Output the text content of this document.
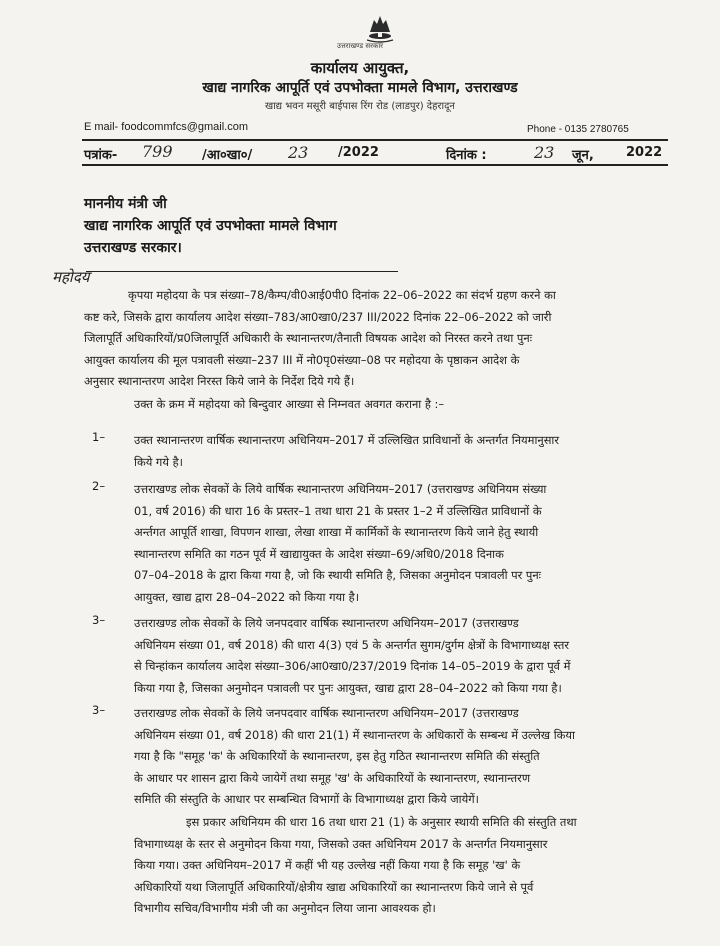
उत्तराखण्ड सरकार
कार्यालय आयुक्त,
खाद्य नागरिक आपूर्ति एवं उपभोक्ता मामले विभाग, उत्तराखण्ड
खाद्य भवन मसूरी बाईपास रिंग रोड (लाडपुर) देहरादून
E mail- foodcommfcs@gmail.com	Phone - 0135 2780765
पत्रांक- 799 /आ०खा०/ 23 /2022	दिनांक :	23 जून, 2022
माननीय मंत्री जी
खाद्य नागरिक आपूर्ति एवं उपभोक्ता मामले विभाग
उत्तराखण्ड सरकार।
महोदय
कृपया महोदया के पत्र संख्या–78/कैम्प/वी0आई0पी0 दिनांक 22–06–2022 का संदर्भ ग्रहण करने का
कष्ट करे, जिसके द्वारा कार्यालय आदेश संख्या–783/आ0खा0/237 III/2022 दिनांक 22–06–2022 को जारी
जिलापूर्ति अधिकारियों/प्र0जिलापूर्ति अधिकारी के स्थानान्तरण/तैनाती विषयक आदेश को निरस्त करने तथा पुनः
आयुक्त कार्यालय की मूल पत्रावली संख्या–237 III में नो0पृ0संख्या–08 पर महोदया के पृष्ठाकन आदेश के
अनुसार स्थानान्तरण आदेश निरस्त किये जाने के निर्देश दिये गये हैं।
उक्त के क्रम में महोदया को बिन्दुवार आख्या से निम्नवत अवगत कराना है :–
1–	उक्त स्थानान्तरण वार्षिक स्थानान्तरण अधिनियम–2017 में उल्लिखित प्राविधानों के अन्तर्गत नियमानुसार
किये गये है।
2–	उत्तराखण्ड लोक सेवकों के लिये वार्षिक स्थानान्तरण अधिनियम–2017 (उत्तराखण्ड अधिनियम संख्या
01, वर्ष 2016) की धारा 16 के प्रस्तर–1 तथा धारा 21 के प्रस्तर 1–2 में उल्लिखित प्राविधानों के
अर्न्तगत आपूर्ति शाखा, विपणन शाखा, लेखा शाखा में कार्मिकों के स्थानान्तरण किये जाने हेतु स्थायी
स्थानान्तरण समिति का गठन पूर्व में खाद्यायुक्त के आदेश संख्या–69/अधि0/2018 दिनाक
07–04–2018 के द्वारा किया गया है, जो कि स्थायी समिति है, जिसका अनुमोदन पत्रावली पर पुनः
आयुक्त, खाद्य द्वारा 28–04–2022 को किया गया है।
3–	उत्तराखण्ड लोक सेवकों के लिये जनपदवार वार्षिक स्थानान्तरण अधिनियम–2017 (उत्तराखण्ड
अधिनियम संख्या 01, वर्ष 2018) की धारा 4(3) एवं 5 के अन्तर्गत सुगम/दुर्गम क्षेत्रों के विभागाध्यक्ष स्तर
से चिन्हांकन कार्यालय आदेश संख्या–306/आ0खा0/237/2019 दिनांक 14–05–2019 के द्वारा पूर्व में
किया गया है, जिसका अनुमोदन पत्रावली पर पुनः आयुक्त, खाद्य द्वारा 28–04–2022 को किया गया है।
3–	उत्तराखण्ड लोक सेवकों के लिये जनपदवार वार्षिक स्थानान्तरण अधिनियम–2017 (उत्तराखण्ड
अधिनियम संख्या 01, वर्ष 2018) की धारा 21(1) में स्थानान्तरण के अधिकारों के सम्बन्ध में उल्लेख किया
गया है कि "समूह 'क' के अधिकारियों के स्थानान्तरण, इस हेतु गठित स्थानान्तरण समिति की संस्तुति
के आधार पर शासन द्वारा किये जायेगें तथा समूह 'ख' के अधिकारियों के स्थानान्तरण, स्थानान्तरण
समिति की संस्तुति के आधार पर सम्बन्धित विभागों के विभागाध्यक्ष द्वारा किये जायेगें।
इस प्रकार अधिनियम की धारा 16 तथा धारा 21 (1) के अनुसार स्थायी समिति की संस्तुति तथा
विभागाध्यक्ष के स्तर से अनुमोदन किया गया, जिसको उक्त अधिनियम 2017 के अन्तर्गत नियमानुसार
किया गया। उक्त अधिनियम–2017 में कहीं भी यह उल्लेख नहीं किया गया है कि समूह 'ख' के
अधिकारियों यथा जिलापूर्ति अधिकारियों/क्षेत्रीय खाद्य अधिकारियों का स्थानान्तरण किये जाने से पूर्व
विभागीय सचिव/विभागीय मंत्री जी का अनुमोदन लिया जाना आवश्यक हो।
